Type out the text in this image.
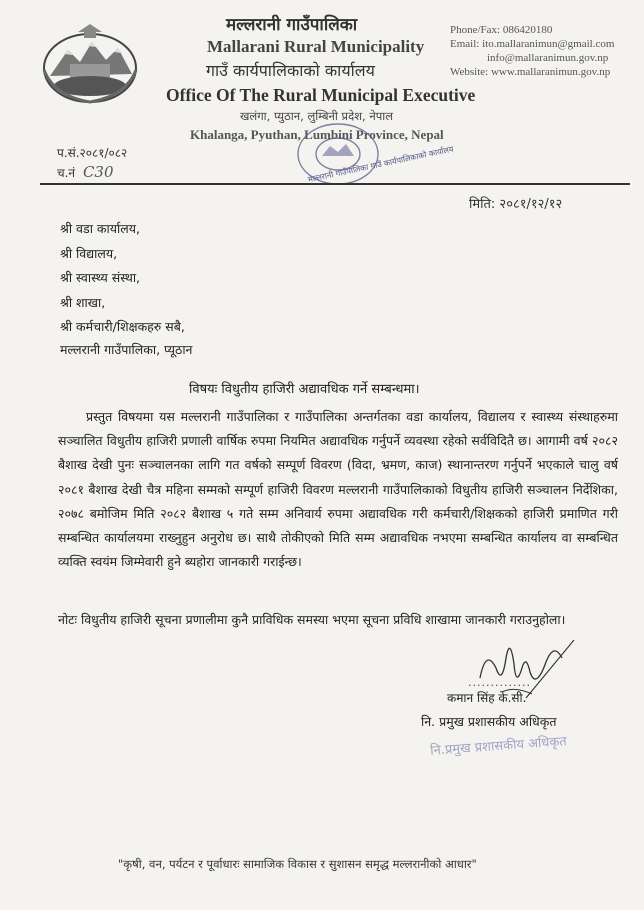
मल्लरानी गाउँपालिका
Mallarani Rural Municipality
गाउँ कार्यपालिकाको कार्यालय
Office Of The Rural Municipal Executive
खलंगा, प्युठान, लुम्बिनी प्रदेश, नेपाल
Khalanga, Pyuthan, Lumbini Province, Nepal
Phone/Fax: 086420180
Email: ito.mallaranimun@gmail.com
info@mallaranimun.gov.np
Website: www.mallaranimun.gov.np
मल्लरानी गाउँपालिका गाउँ कार्यपालिकाको कार्यालय
प.सं.२०८१/०८२
च.नं C30
मिति: २०८१/१२/१२
श्री वडा कार्यालय,
श्री विद्यालय,
श्री स्वास्थ्य संस्था,
श्री शाखा,
श्री कर्मचारी/शिक्षकहरु सबै,
मल्लरानी गाउँपालिका, प्यूठान
विषयः विधुतीय हाजिरी अद्यावधिक गर्ने सम्बन्धमा।
प्रस्तुत विषयमा यस मल्लरानी गाउँपालिका र गाउँपालिका अन्तर्गतका वडा कार्यालय, विद्यालय र स्वास्थ्य संस्थाहरुमा सञ्चालित विधुतीय हाजिरी प्रणाली वार्षिक रुपमा नियमित अद्यावधिक गर्नुपर्ने व्यवस्था रहेको सर्वविदितै छ। आगामी वर्ष २०८२ बैशाख देखी पुनः सञ्चालनका लागि गत वर्षको सम्पूर्ण विवरण (विदा, भ्रमण, काज) स्थानान्तरण गर्नुपर्ने भएकाले चालु वर्ष २०८१ बैशाख देखी चैत्र महिना सम्मको सम्पूर्ण हाजिरी विवरण मल्लरानी गाउँपालिकाको विधुतीय हाजिरी सञ्चालन निर्देशिका, २०७८ बमोजिम मिति २०८२ बैशाख ५ गते सम्म अनिवार्य रुपमा अद्यावधिक गरी कर्मचारी/शिक्षकको हाजिरी प्रमाणित गरी सम्बन्धित कार्यालयमा राख्नुहुन अनुरोध छ। साथै तोकीएको मिति सम्म अद्यावधिक नभएमा सम्बन्धित कार्यालय वा सम्बन्धित व्यक्ति स्वयंम जिम्मेवारी हुने ब्यहोरा जानकारी गराईन्छ।
नोटः विधुतीय हाजिरी सूचना प्रणालीमा कुनै प्राविधिक समस्या भएमा सूचना प्रविधि शाखामा जानकारी गराउनुहोला।
..............
कमान सिंह के.सी.
नि. प्रमुख प्रशासकीय अधिकृत
नि.प्रमुख प्रशासकीय अधिकृत
"कृषी, वन, पर्यटन र पूर्वाधारः सामाजिक विकास र सुशासन समृद्ध मल्लरानीको आधार"
